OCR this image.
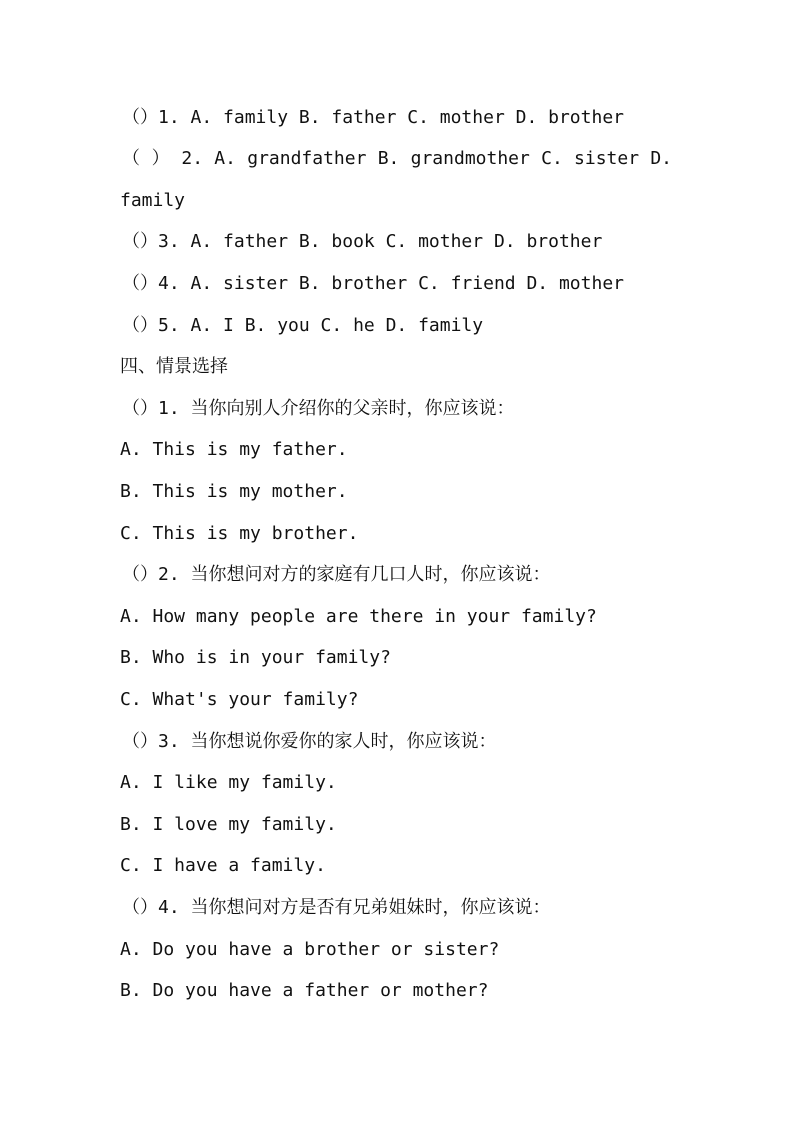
（）1. A. family B. father C. mother D. brother
（ ） 2. A. grandfather B. grandmother C. sister D.
family
（）3. A. father B. book C. mother D. brother
（）4. A. sister B. brother C. friend D. mother
（）5. A. I B. you C. he D. family
四、情景选择
（）1. 当你向别人介绍你的父亲时，你应该说：
A. This is my father.
B. This is my mother.
C. This is my brother.
（）2. 当你想问对方的家庭有几口人时，你应该说：
A. How many people are there in your family?
B. Who is in your family?
C. What's your family?
（）3. 当你想说你爱你的家人时，你应该说：
A. I like my family.
B. I love my family.
C. I have a family.
（）4. 当你想问对方是否有兄弟姐妹时，你应该说：
A. Do you have a brother or sister?
B. Do you have a father or mother?
